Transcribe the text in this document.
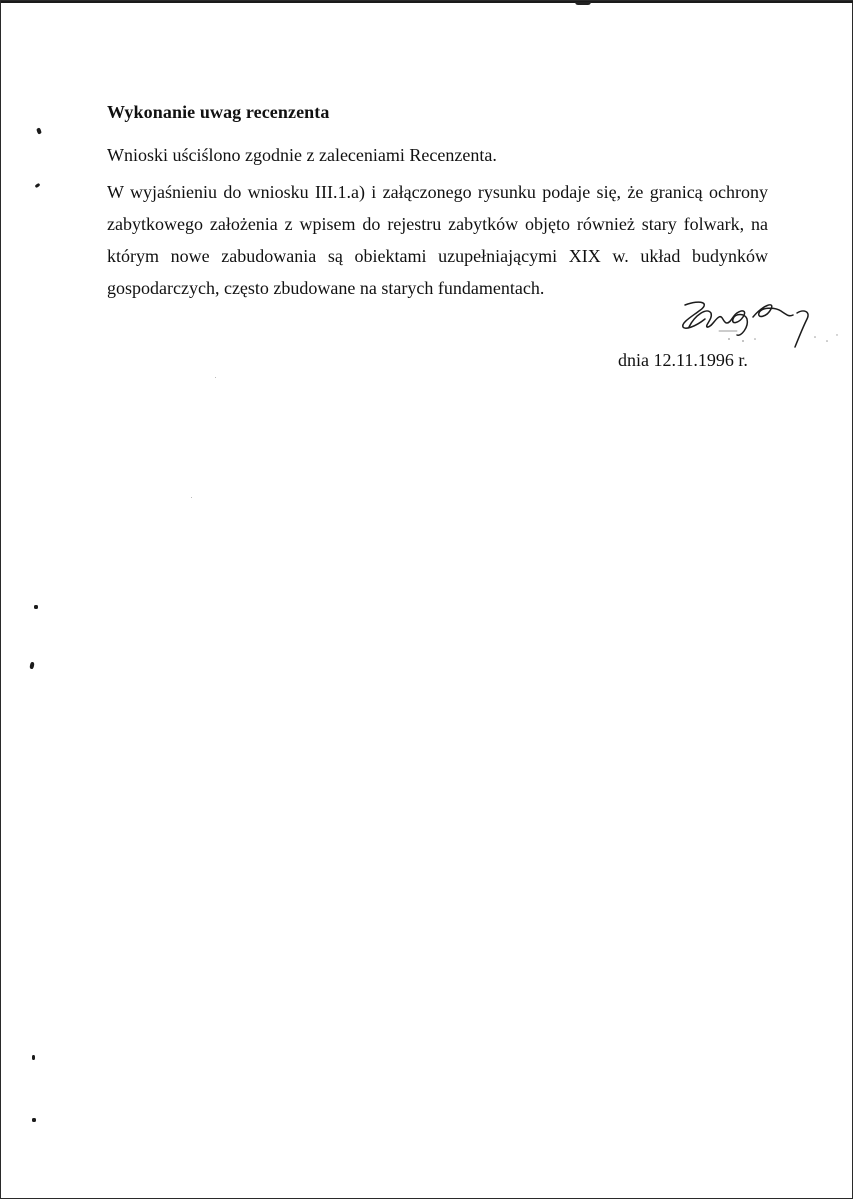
Wykonanie uwag recenzenta
Wnioski uściślono zgodnie z zaleceniami Recenzenta.

W wyjaśnieniu do wniosku III.1.a) i załączonego rysunku podaje się, że granicą ochrony zabytkowego założenia z wpisem do rejestru zabytków objęto również stary folwark, na którym nowe zabudowania są obiektami uzupełniającymi XIX w. układ budynków gospodarczych, często zbudowane na starych fundamentach.

dnia 12.11.1996 r.
